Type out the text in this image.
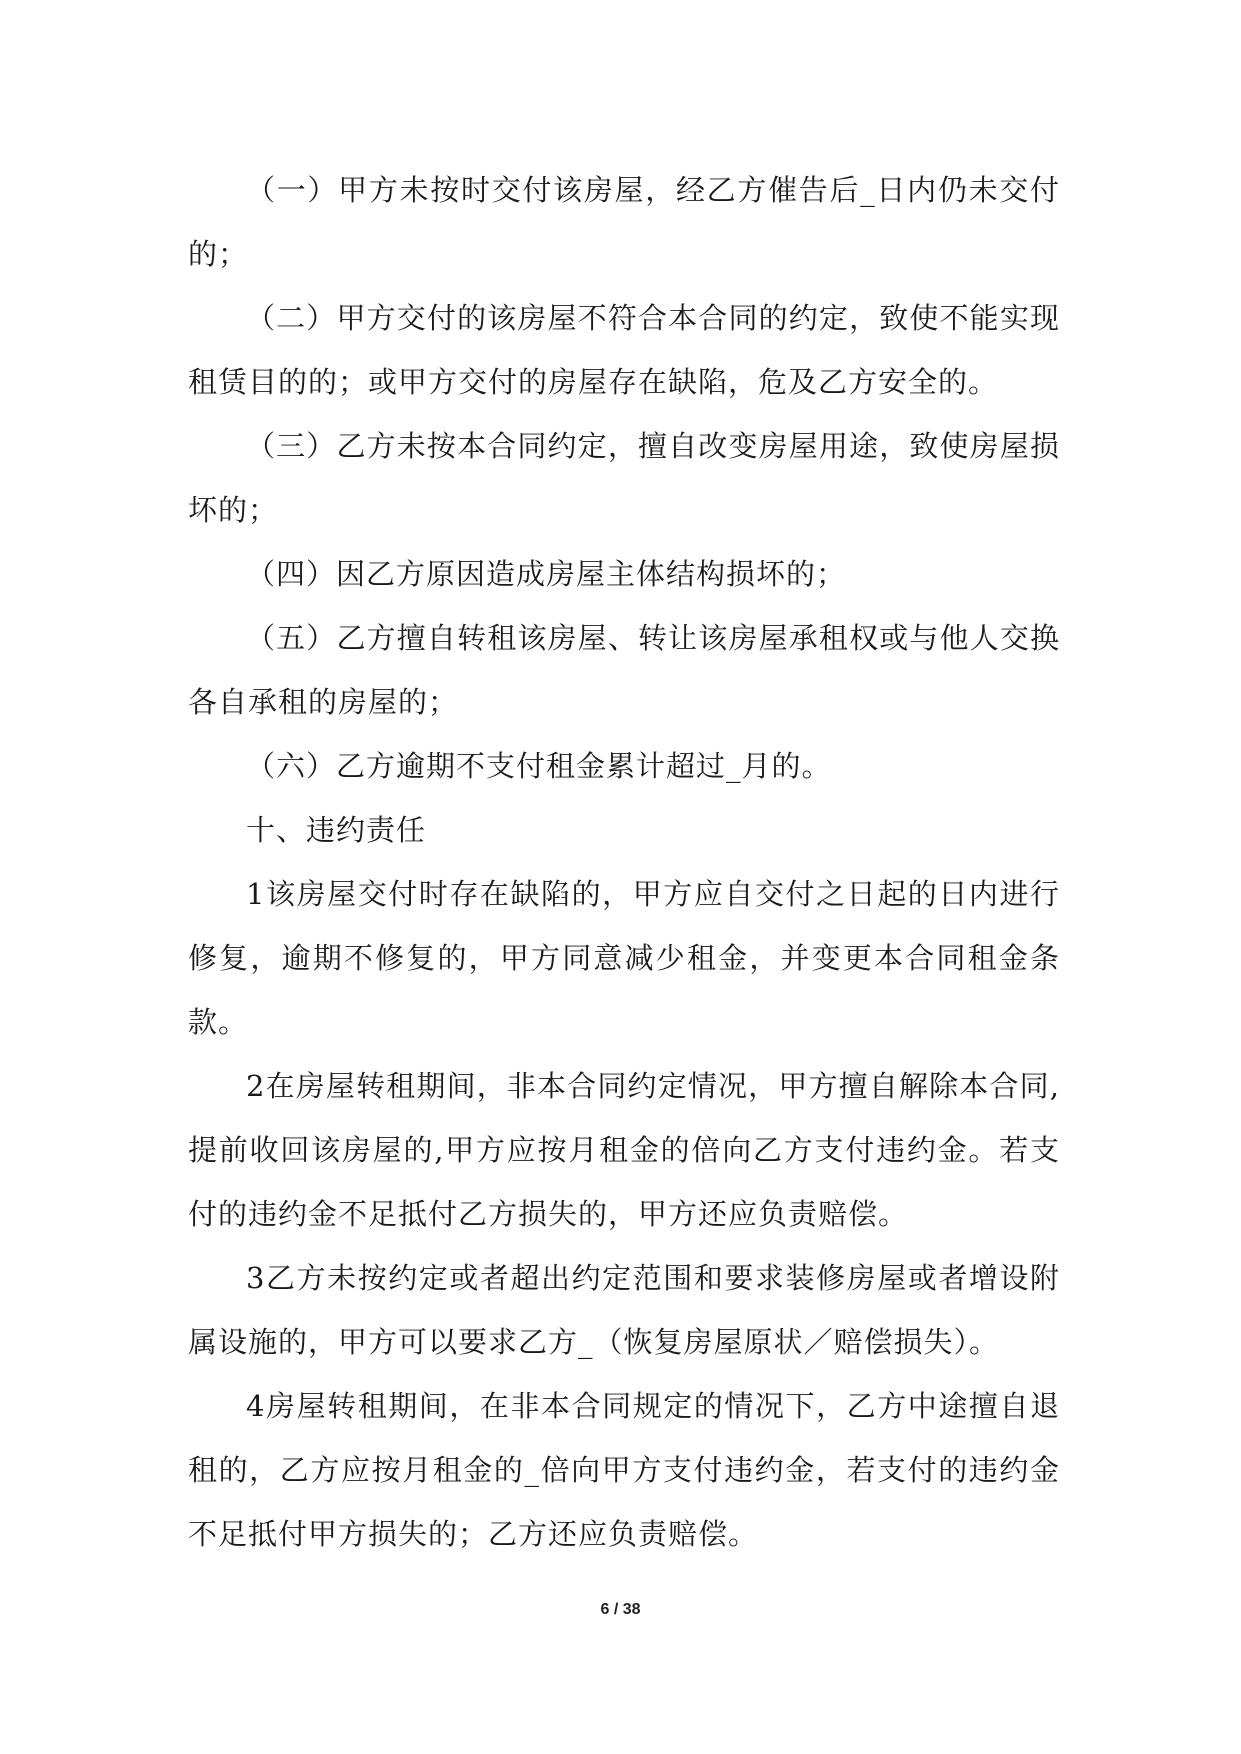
（一）甲方未按时交付该房屋，经乙方催告后_日内仍未交付的；

（二）甲方交付的该房屋不符合本合同的约定，致使不能实现租赁目的的；或甲方交付的房屋存在缺陷，危及乙方安全的。

（三）乙方未按本合同约定，擅自改变房屋用途，致使房屋损坏的；

（四）因乙方原因造成房屋主体结构损坏的；

（五）乙方擅自转租该房屋、转让该房屋承租权或与他人交换各自承租的房屋的；

（六）乙方逾期不支付租金累计超过_月的。

十、违约责任

1该房屋交付时存在缺陷的，甲方应自交付之日起的日内进行修复，逾期不修复的，甲方同意减少租金，并变更本合同租金条款。

2在房屋转租期间，非本合同约定情况，甲方擅自解除本合同,提前收回该房屋的,甲方应按月租金的倍向乙方支付违约金。若支付的违约金不足抵付乙方损失的，甲方还应负责赔偿。

3乙方未按约定或者超出约定范围和要求装修房屋或者增设附属设施的，甲方可以要求乙方_（恢复房屋原状／赔偿损失）。

4房屋转租期间，在非本合同规定的情况下，乙方中途擅自退租的，乙方应按月租金的_倍向甲方支付违约金，若支付的违约金不足抵付甲方损失的；乙方还应负责赔偿。

6 / 38
